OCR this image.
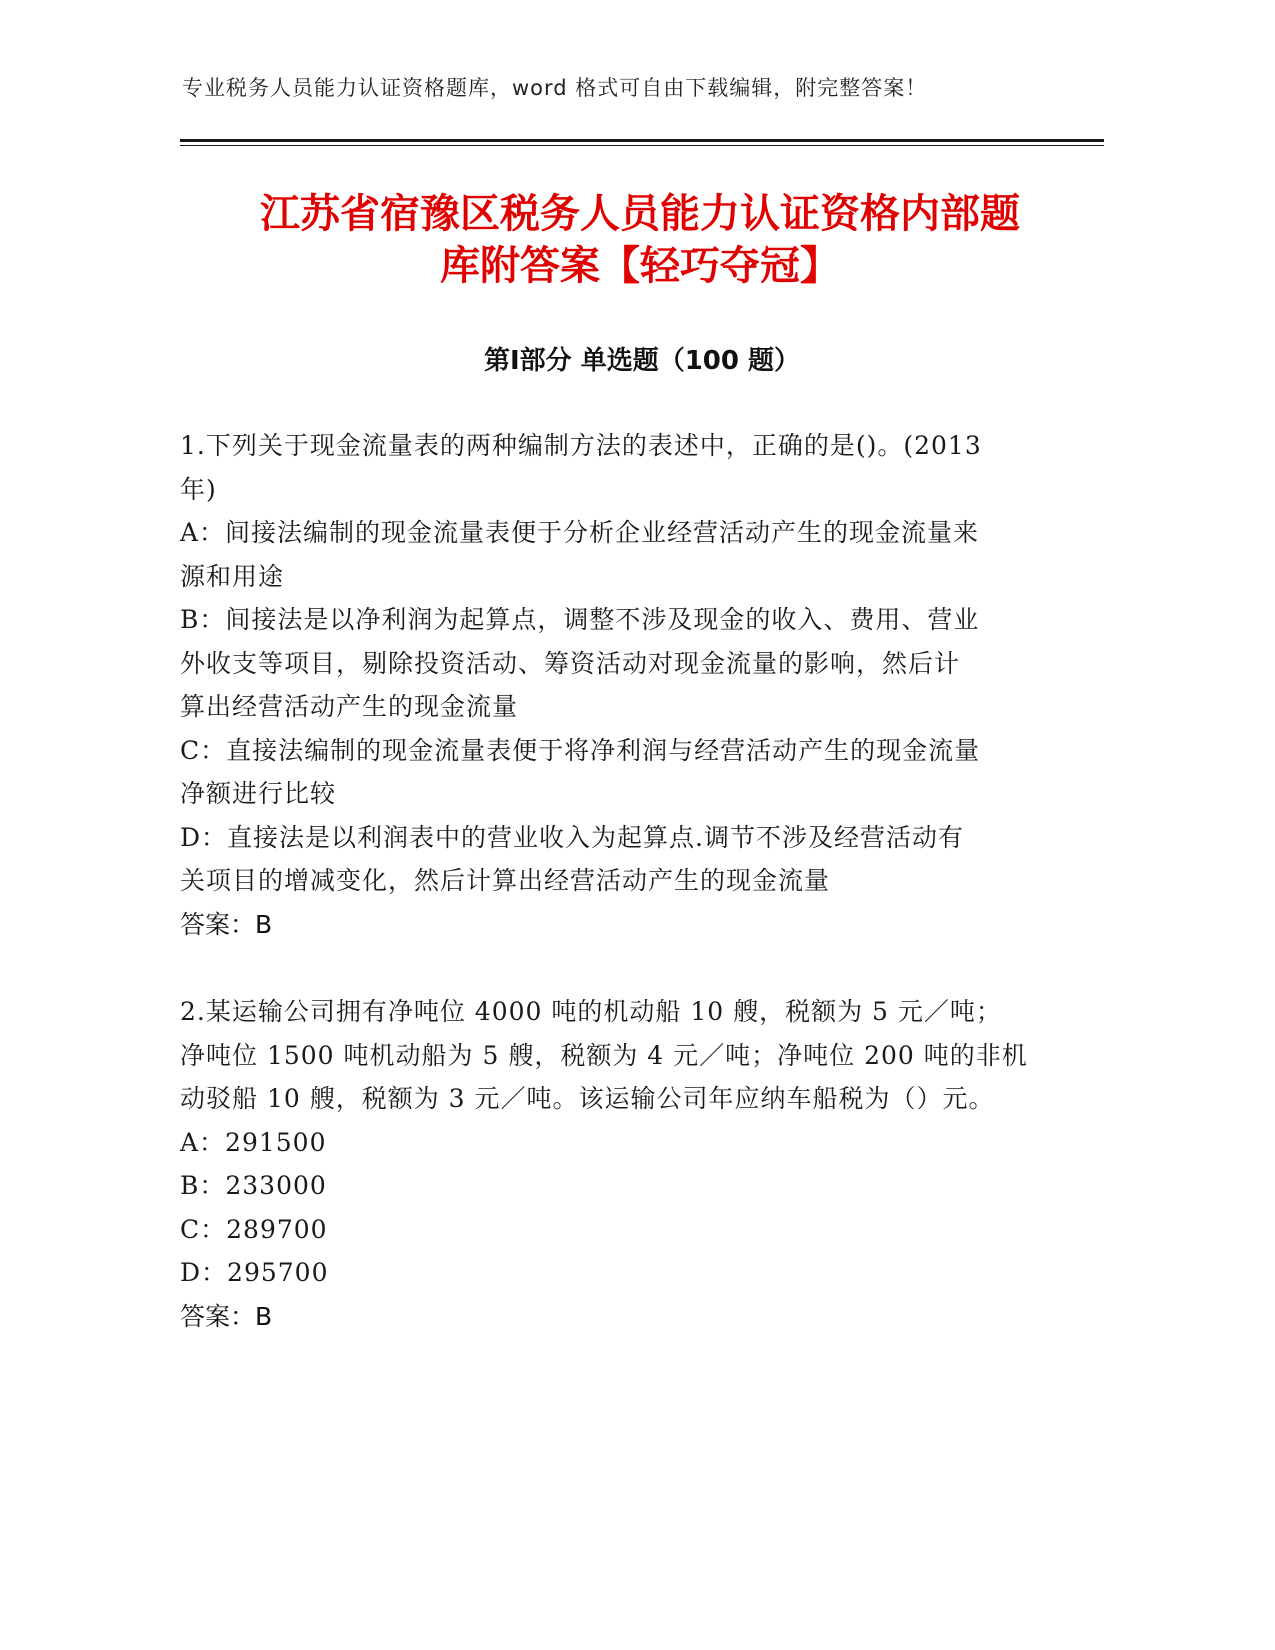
专业税务人员能力认证资格题库，word 格式可自由下载编辑，附完整答案！
江苏省宿豫区税务人员能力认证资格内部题
库附答案【轻巧夺冠】
第Ⅰ部分 单选题（100 题）
1.下列关于现金流量表的两种编制方法的表述中，正确的是()。(2013
年)
A：间接法编制的现金流量表便于分析企业经营活动产生的现金流量来
源和用途
B：间接法是以净利润为起算点，调整不涉及现金的收入、费用、营业
外收支等项目，剔除投资活动、筹资活动对现金流量的影响，然后计
算出经营活动产生的现金流量
C：直接法编制的现金流量表便于将净利润与经营活动产生的现金流量
净额进行比较
D：直接法是以利润表中的营业收入为起算点.调节不涉及经营活动有
关项目的增减变化，然后计算出经营活动产生的现金流量
答案：B
2.某运输公司拥有净吨位 4000 吨的机动船 10 艘，税额为 5 元／吨；
净吨位 1500 吨机动船为 5 艘，税额为 4 元／吨；净吨位 200 吨的非机
动驳船 10 艘，税额为 3 元／吨。该运输公司年应纳车船税为（）元。
A：291500
B：233000
C：289700
D：295700
答案：B
